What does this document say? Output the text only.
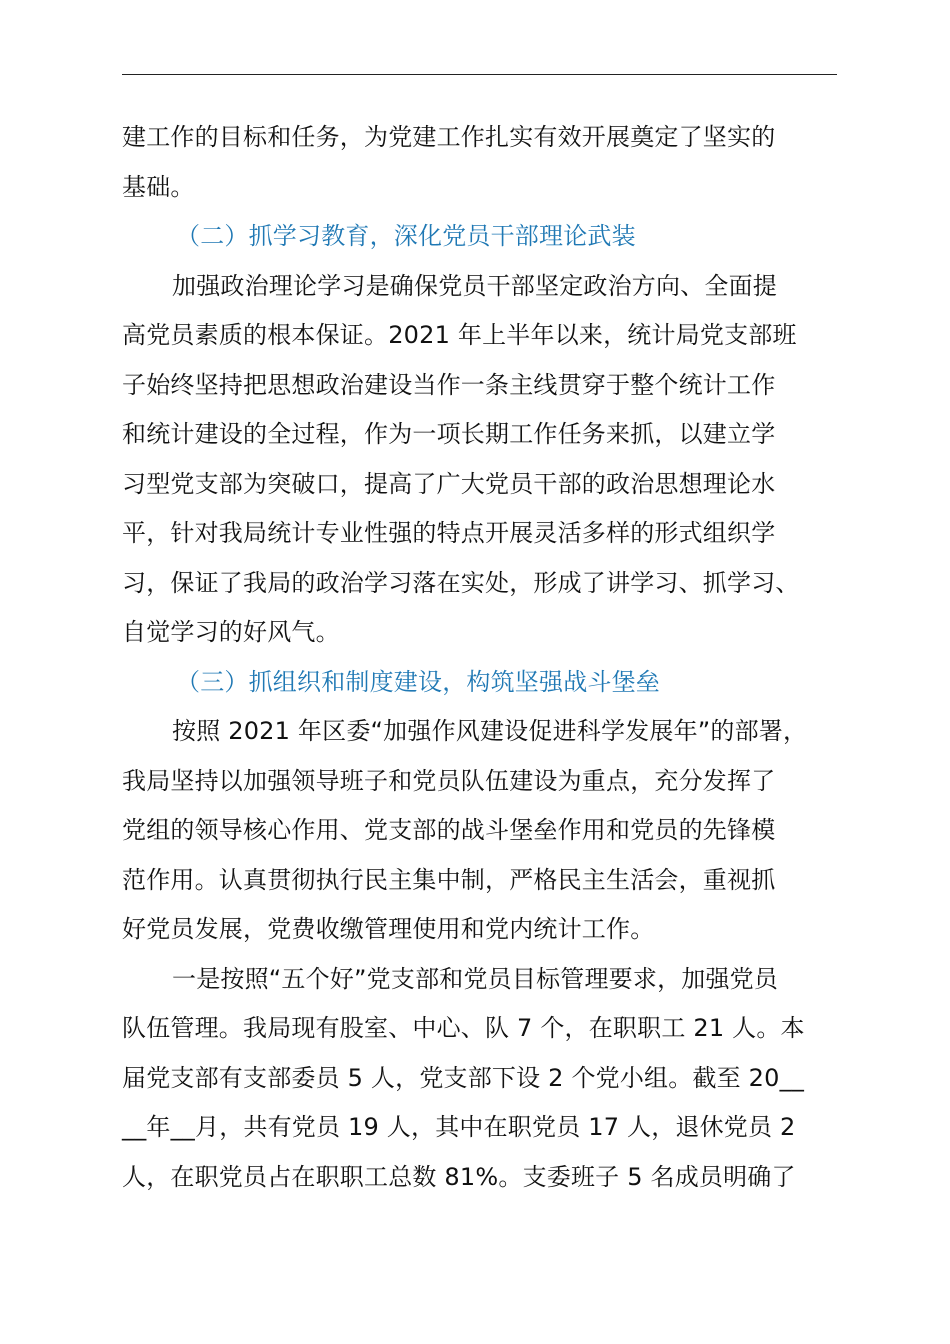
建工作的目标和任务，为党建工作扎实有效开展奠定了坚实的
基础。
（二）抓学习教育，深化党员干部理论武装
加强政治理论学习是确保党员干部坚定政治方向、全面提
高党员素质的根本保证。2021 年上半年以来，统计局党支部班
子始终坚持把思想政治建设当作一条主线贯穿于整个统计工作
和统计建设的全过程，作为一项长期工作任务来抓，以建立学
习型党支部为突破口，提高了广大党员干部的政治思想理论水
平，针对我局统计专业性强的特点开展灵活多样的形式组织学
习，保证了我局的政治学习落在实处，形成了讲学习、抓学习、
自觉学习的好风气。
（三）抓组织和制度建设，构筑坚强战斗堡垒
按照 2021 年区委“加强作风建设促进科学发展年”的部署，
我局坚持以加强领导班子和党员队伍建设为重点，充分发挥了
党组的领导核心作用、党支部的战斗堡垒作用和党员的先锋模
范作用。认真贯彻执行民主集中制，严格民主生活会，重视抓
好党员发展，党费收缴管理使用和党内统计工作。
一是按照“五个好”党支部和党员目标管理要求，加强党员
队伍管理。我局现有股室、中心、队 7 个，在职职工 21 人。本
届党支部有支部委员 5 人，党支部下设 2 个党小组。截至 20__
__年__月，共有党员 19 人，其中在职党员 17 人，退休党员 2
人，在职党员占在职职工总数 81%。支委班子 5 名成员明确了
